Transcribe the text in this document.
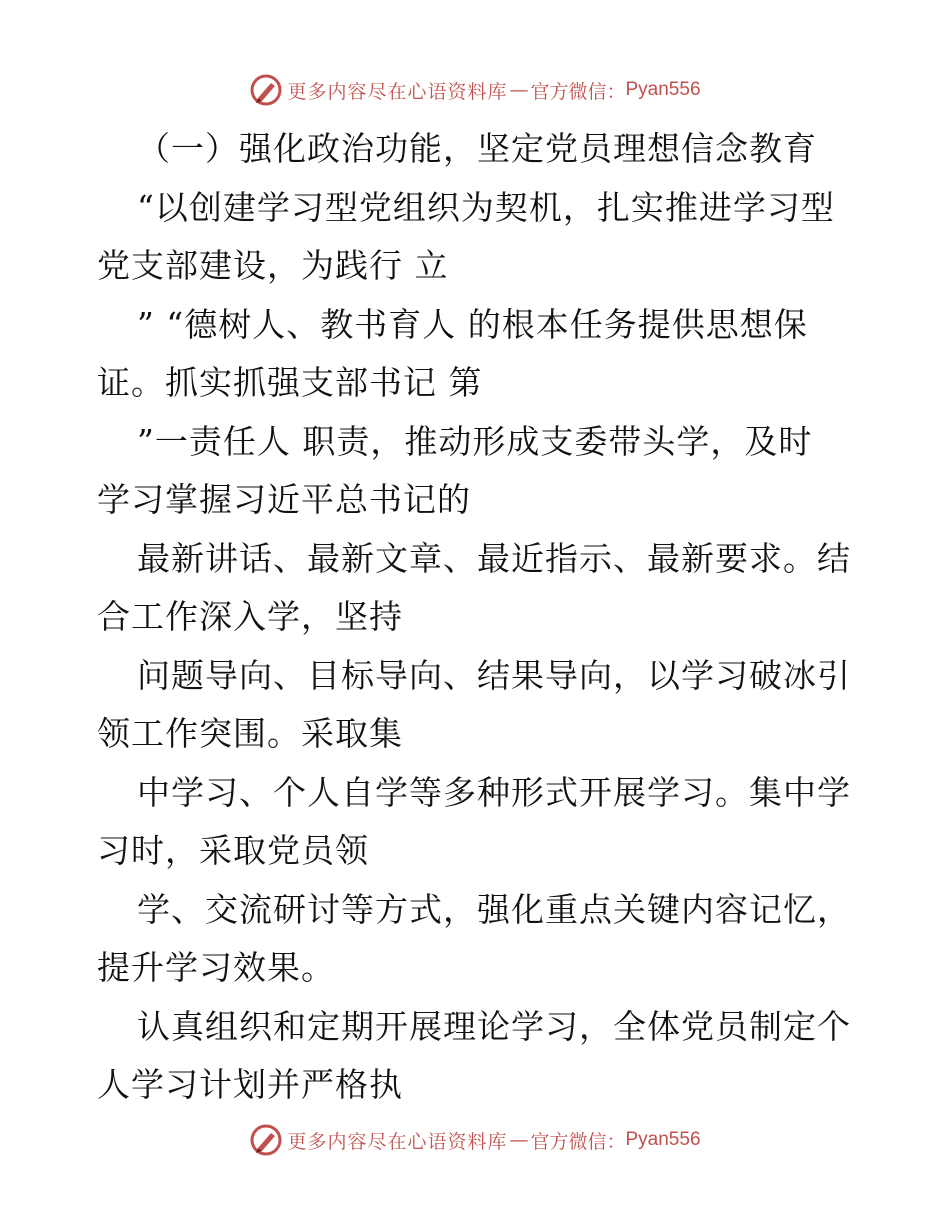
更多内容尽在心语资料库 — 官方微信： Pyan556
（一）强化政治功能，坚定党员理想信念教育
“以创建学习型党组织为契机，扎实推进学习型
党支部建设，为践行 立
” “德树人、教书育人 的根本任务提供思想保
证。抓实抓强支部书记 第
”一责任人 职责，推动形成支委带头学，及时
学习掌握习近平总书记的
最新讲话、最新文章、最近指示、最新要求。结
合工作深入学，坚持
问题导向、目标导向、结果导向，以学习破冰引
领工作突围。采取集
中学习、个人自学等多种形式开展学习。集中学
习时，采取党员领
学、交流研讨等方式，强化重点关键内容记忆，
提升学习效果。
认真组织和定期开展理论学习，全体党员制定个
人学习计划并严格执
更多内容尽在心语资料库 — 官方微信： Pyan556
